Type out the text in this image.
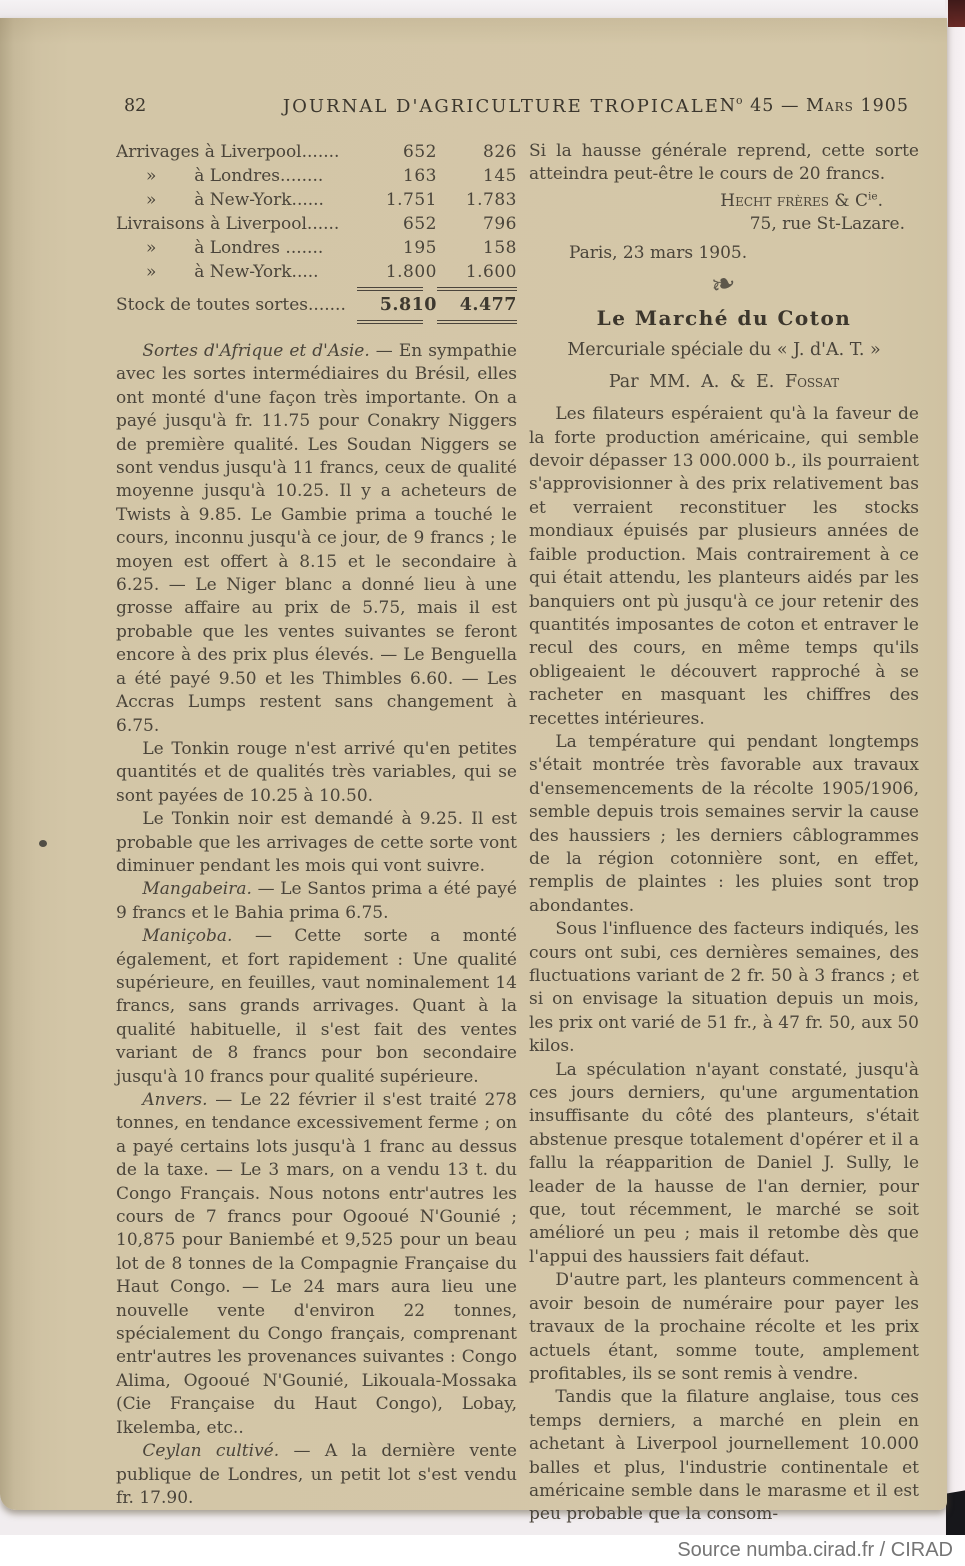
82	JOURNAL D'AGRICULTURE TROPICALE $N^o$ 45 — Mars 1905
Arrivages à Liverpool.......	652	826
»       à Londres........	163	145
»       à New-York......	1.751	1.783
Livraisons à Liverpool......	652	796
»       à Londres .......	195	158
»       à New-York.....	1.800	1.600
Stock de toutes sortes.......	5.810	4.477

Sortes d'Afrique et d'Asie. — En sympathie avec les sortes intermédiaires du Brésil, elles ont monté d'une façon très importante. On a payé jusqu'à fr. 11.75 pour Conakry Niggers de première qualité. Les Soudan Niggers se sont vendus jusqu'à 11 francs, ceux de qualité moyenne jusqu'à 10.25. Il y a acheteurs de Twists à 9.85. Le Gambie prima a touché le cours, inconnu jusqu'à ce jour, de 9 francs ; le moyen est offert à 8.15 et le secondaire à 6.25. — Le Niger blanc a donné lieu à une grosse affaire au prix de 5.75, mais il est probable que les ventes suivantes se feront encore à des prix plus élevés. — Le Benguella a été payé 9.50 et les Thimbles 6.60. — Les Accras Lumps restent sans changement à 6.75.

Le Tonkin rouge n'est arrivé qu'en petites quantités et de qualités très variables, qui se sont payées de 10.25 à 10.50.

Le Tonkin noir est demandé à 9.25. Il est probable que les arrivages de cette sorte vont diminuer pendant les mois qui vont suivre.

Mangabeira. — Le Santos prima a été payé 9 francs et le Bahia prima 6.75.

Maniçoba. — Cette sorte a monté également, et fort rapidement : Une qualité supérieure, en feuilles, vaut nominalement 14 francs, sans grands arrivages. Quant à la qualité habituelle, il s'est fait des ventes variant de 8 francs pour bon secondaire jusqu'à 10 francs pour qualité supérieure.

Anvers. — Le 22 février il s'est traité 278 tonnes, en tendance excessivement ferme ; on a payé certains lots jusqu'à 1 franc au dessus de la taxe. — Le 3 mars, on a vendu 13 t. du Congo Français. Nous notons entr'autres les cours de 7 francs pour Ogooué N'Gounié ; 10,875 pour Baniembé et 9,525 pour un beau lot de 8 tonnes de la Compagnie Française du Haut Congo. — Le 24 mars aura lieu une nouvelle vente d'environ 22 tonnes, spécialement du Congo français, comprenant entr'autres les provenances suivantes : Congo Alima, Ogooué N'Gounié, Likouala-Mossaka (Cie Française du Haut Congo), Lobay, Ikelemba, etc..

Ceylan cultivé. — A la dernière vente publique de Londres, un petit lot s'est vendu fr. 17.90.

Si la hausse générale reprend, cette sorte atteindra peut-être le cours de 20 francs.

Hecht frères & $C^{ie}$.
75, rue St-Lazare.
Paris, 23 mars 1905.
❧
Le Marché du Coton
Mercuriale spéciale du « J. d'A. T. »
Par MM. A. & E. Fossat

Les filateurs espéraient qu'à la faveur de la forte production américaine, qui semble devoir dépasser 13 000.000 b., ils pourraient s'approvisionner à des prix relativement bas et verraient reconstituer les stocks mondiaux épuisés par plusieurs années de faible production. Mais contrairement à ce qui était attendu, les planteurs aidés par les banquiers ont pù jusqu'à ce jour retenir des quantités imposantes de coton et entraver le recul des cours, en même temps qu'ils obligeaient le découvert rapproché à se racheter en masquant les chiffres des recettes intérieures.

La température qui pendant longtemps s'était montrée très favorable aux travaux d'ensemencements de la récolte 1905/1906, semble depuis trois semaines servir la cause des haussiers ; les derniers câblogrammes de la région cotonnière sont, en effet, remplis de plaintes : les pluies sont trop abondantes.

Sous l'influence des facteurs indiqués, les cours ont subi, ces dernières semaines, des fluctuations variant de 2 fr. 50 à 3 francs ; et si on envisage la situation depuis un mois, les prix ont varié de 51 fr., à 47 fr. 50, aux 50 kilos.

La spéculation n'ayant constaté, jusqu'à ces jours derniers, qu'une argumentation insuffisante du côté des planteurs, s'était abstenue presque totalement d'opérer et il a fallu la réapparition de Daniel J. Sully, le leader de la hausse de l'an dernier, pour que, tout récemment, le marché se soit amélioré un peu ; mais il retombe dès que l'appui des haussiers fait défaut.

D'autre part, les planteurs commencent à avoir besoin de numéraire pour payer les travaux de la prochaine récolte et les prix actuels étant, somme toute, amplement profitables, ils se sont remis à vendre.

Tandis que la filature anglaise, tous ces temps derniers, a marché en plein en achetant à Liverpool journellement 10.000 balles et plus, l'industrie continentale et américaine semble dans le marasme et il est peu probable que la consom-

Source numba.cirad.fr / CIRAD
